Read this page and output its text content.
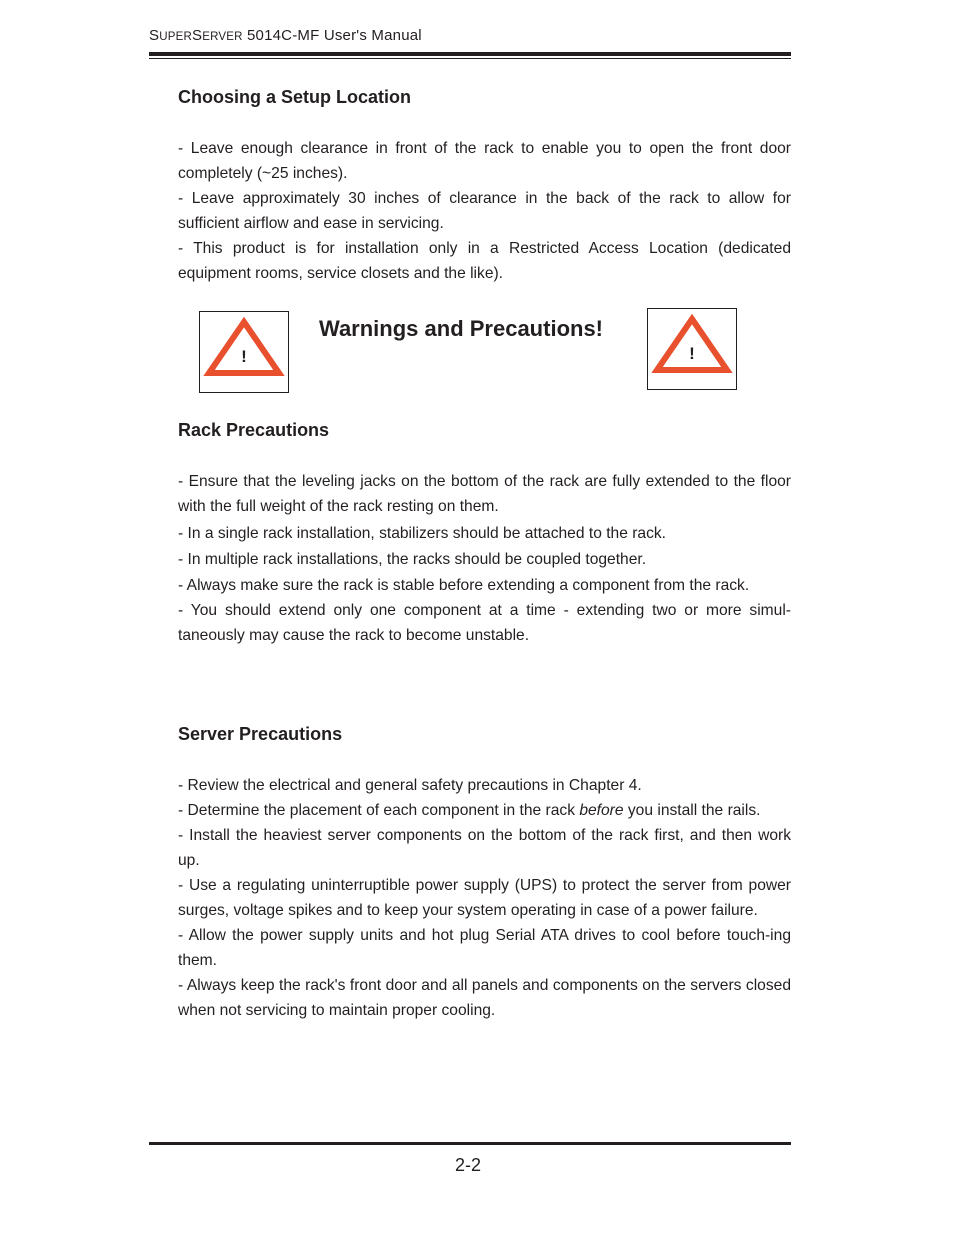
SUPERSERVER 5014C-MF User's Manual
Choosing a Setup Location

- Leave enough clearance in front of the rack to enable you to open the front door completely (~25 inches).

- Leave approximately 30 inches of clearance in the back of the rack to allow for sufficient airflow and ease in servicing.

- This product is for installation only in a Restricted Access Location (dedicated equipment rooms, service closets and the like).

!
Warnings and Precautions!
!
Rack Precautions

- Ensure that the leveling jacks on the bottom of the rack are fully extended to the floor with the full weight of the rack resting on them.

- In a single rack installation, stabilizers should be attached to the rack.

- In multiple rack installations, the racks should be coupled together.

- Always make sure the rack is stable before extending a component from the rack.

- You should extend only one component at a time - extending two or more simul-taneously may cause the rack to become unstable.

Server Precautions

- Review the electrical and general safety precautions in Chapter 4.

- Determine the placement of each component in the rack before you install the rails.

- Install the heaviest server components on the bottom of the rack first, and then work up.

- Use a regulating uninterruptible power supply (UPS) to protect the server from power surges, voltage spikes and to keep your system operating in case of a power failure.

- Allow the power supply units and hot plug Serial ATA drives to cool before touch-ing them.

- Always keep the rack's front door and all panels and components on the servers closed when not servicing to maintain proper cooling.

2-2
